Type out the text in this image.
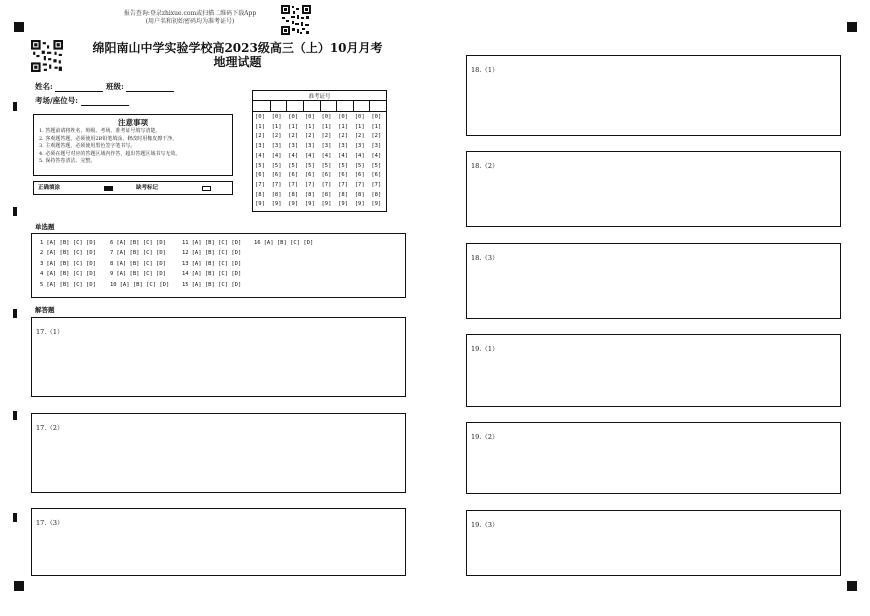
报告查询:登录zhixue.com或扫描二维码下载App
(用户名和初始密码均为准考证号)
绵阳南山中学实验学校高2023级高三（上）10月月考
地理试题
姓名:	班级:
考场/座位号:
注意事项
1. 答题前请将姓名、班级、考场、准考证号填写清楚。
2. 客观题答题，必须使用2B铅笔填涂，修改时用橡皮擦干净。
3. 主观题答题，必须使用黑色签字笔书写。
4. 必须在题号对应的答题区域内作答，超出答题区域书写无效。
5. 保持答卷清洁、完整。
正确填涂	缺考标记
准考证号
[0]
[1]
[2]
[3]
[4]
[5]
[6]
[7]
[8]
[9]
[0]
[1]
[2]
[3]
[4]
[5]
[6]
[7]
[8]
[9]
[0]
[1]
[2]
[3]
[4]
[5]
[6]
[7]
[8]
[9]
[0]
[1]
[2]
[3]
[4]
[5]
[6]
[7]
[8]
[9]
[0]
[1]
[2]
[3]
[4]
[5]
[6]
[7]
[8]
[9]
[0]
[1]
[2]
[3]
[4]
[5]
[6]
[7]
[8]
[9]
[0]
[1]
[2]
[3]
[4]
[5]
[6]
[7]
[8]
[9]
[0]
[1]
[2]
[3]
[4]
[5]
[6]
[7]
[8]
[9]
单选题
1 [A] [B] [C] [D]
2 [A] [B] [C] [D]
3 [A] [B] [C] [D]
4 [A] [B] [C] [D]
5 [A] [B] [C] [D]
6 [A] [B] [C] [D]
7 [A] [B] [C] [D]
8 [A] [B] [C] [D]
9 [A] [B] [C] [D]
10 [A] [B] [C] [D]
11 [A] [B] [C] [D]
12 [A] [B] [C] [D]
13 [A] [B] [C] [D]
14 [A] [B] [C] [D]
15 [A] [B] [C] [D]
16 [A] [B] [C] [D]
解答题
17.（1）
17.（2）
17.（3）
18.（1）
18.（2）
18.（3）
19.（1）
19.（2）
19.（3）
